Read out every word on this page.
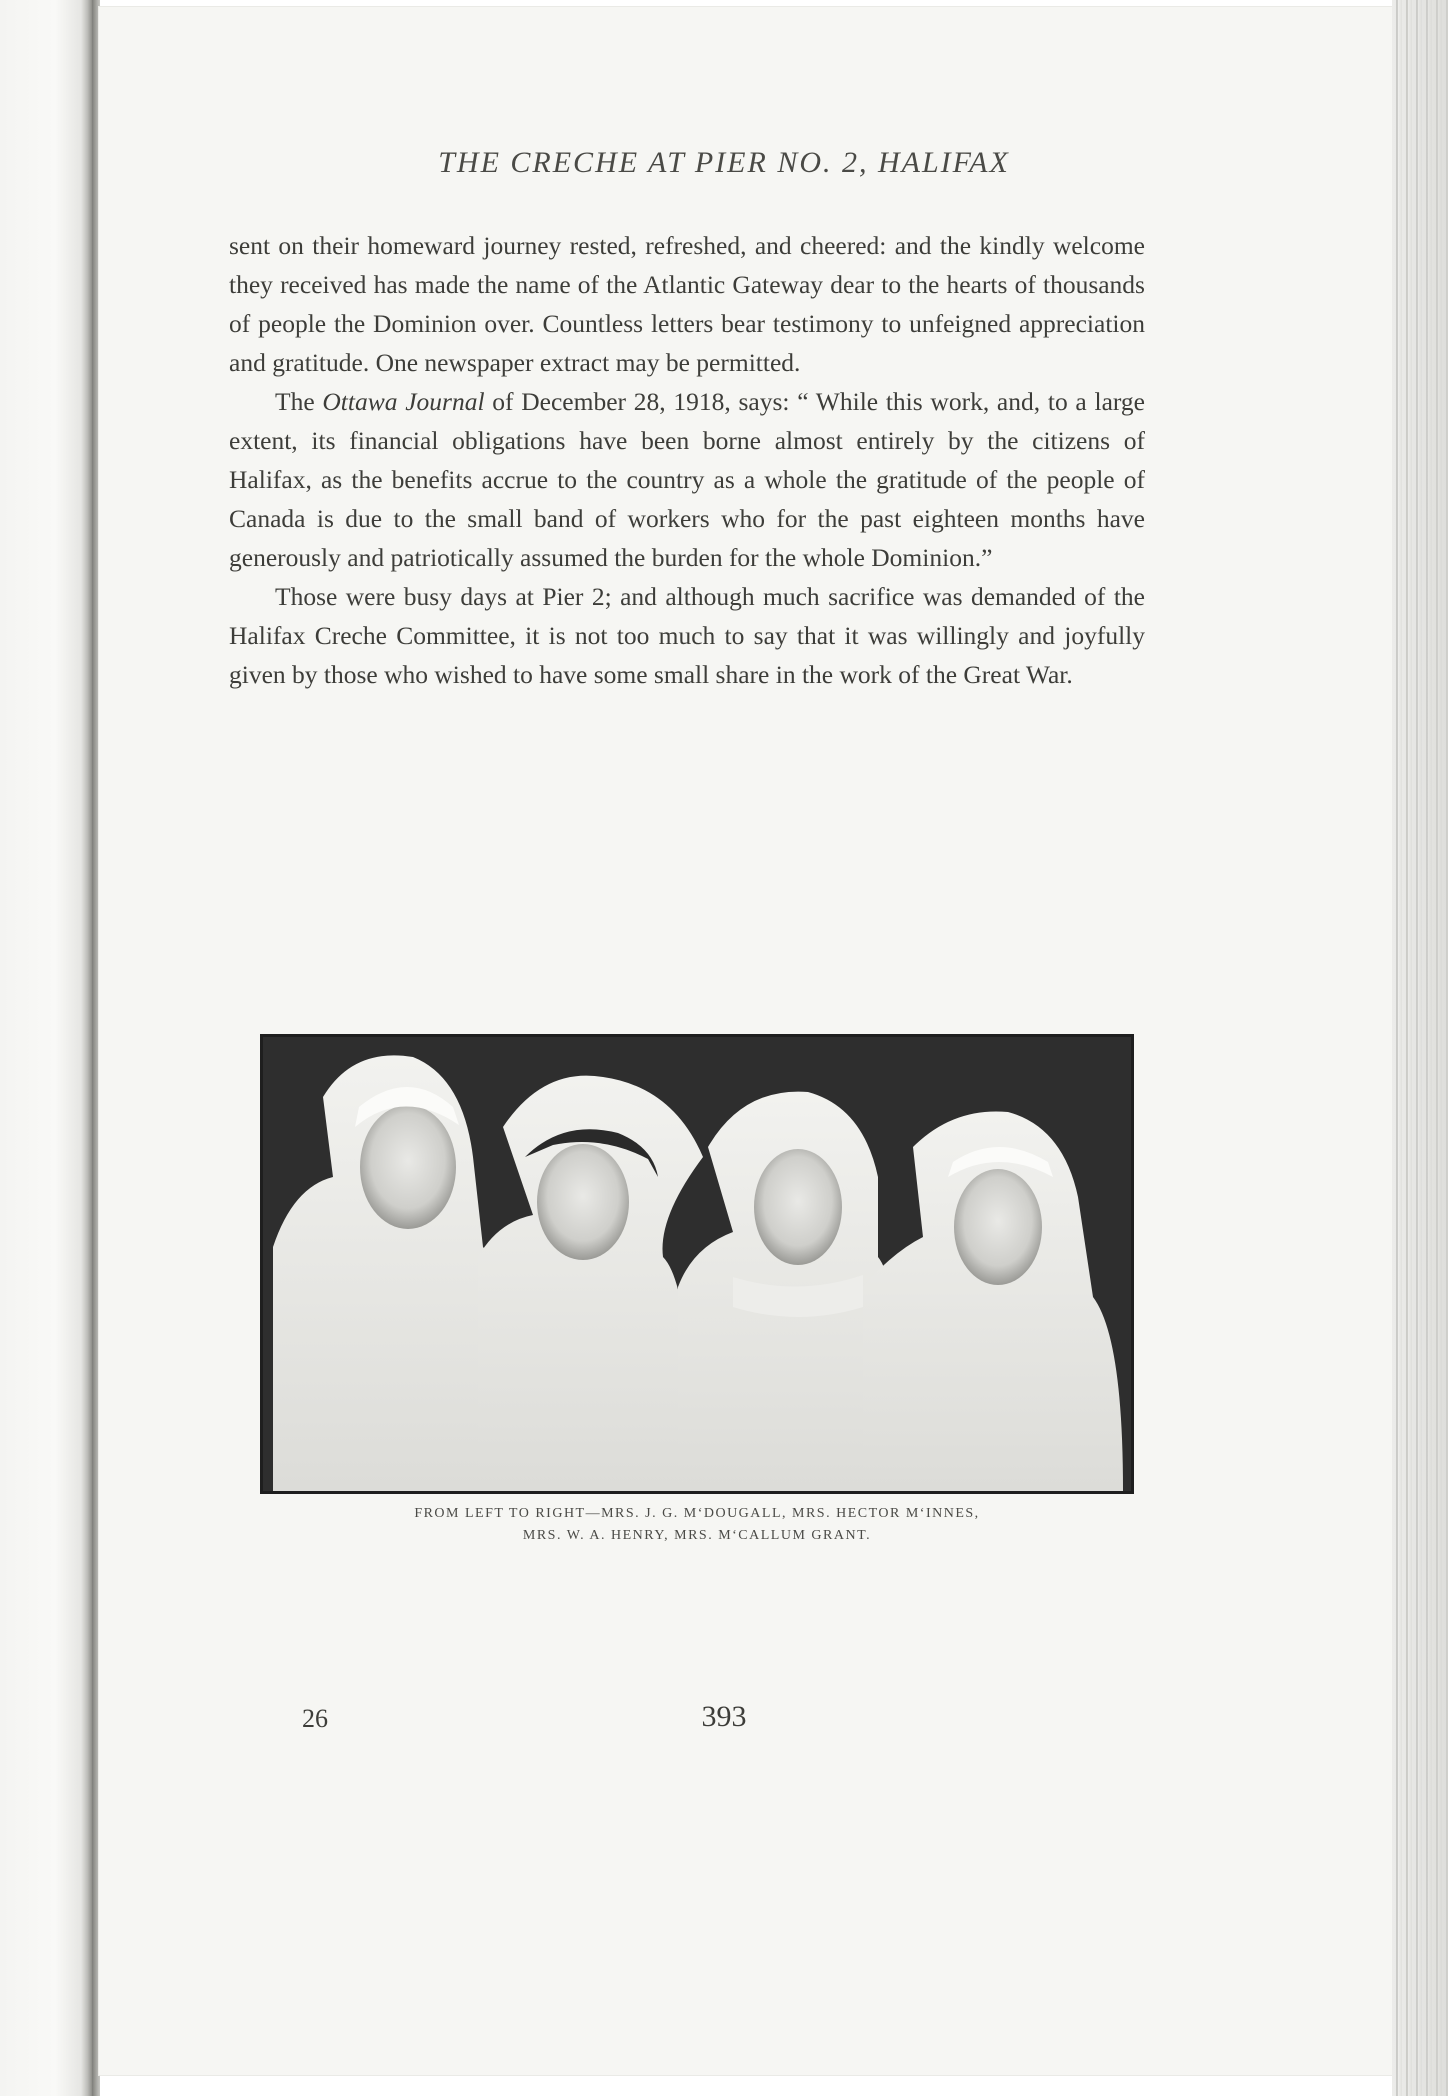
THE CRECHE AT PIER NO. 2, HALIFAX

sent on their homeward journey rested, refreshed, and cheered: and the kindly welcome they received has made the name of the Atlantic Gateway dear to the hearts of thousands of people the Dominion over. Countless letters bear testimony to unfeigned appreciation and gratitude. One newspaper extract may be permitted.

The Ottawa Journal of December 28, 1918, says: “ While this work, and, to a large extent, its financial obligations have been borne almost entirely by the citizens of Halifax, as the benefits accrue to the country as a whole the gratitude of the people of Canada is due to the small band of workers who for the past eighteen months have generously and patriotically assumed the burden for the whole Dominion.”

Those were busy days at Pier 2; and although much sacrifice was demanded of the Halifax Creche Committee, it is not too much to say that it was willingly and joyfully given by those who wished to have some small share in the work of the Great War.

FROM LEFT TO RIGHT—MRS. J. G. M‘DOUGALL, MRS. HECTOR M‘INNES,
MRS. W. A. HENRY, MRS. M‘CALLUM GRANT.
26	393
